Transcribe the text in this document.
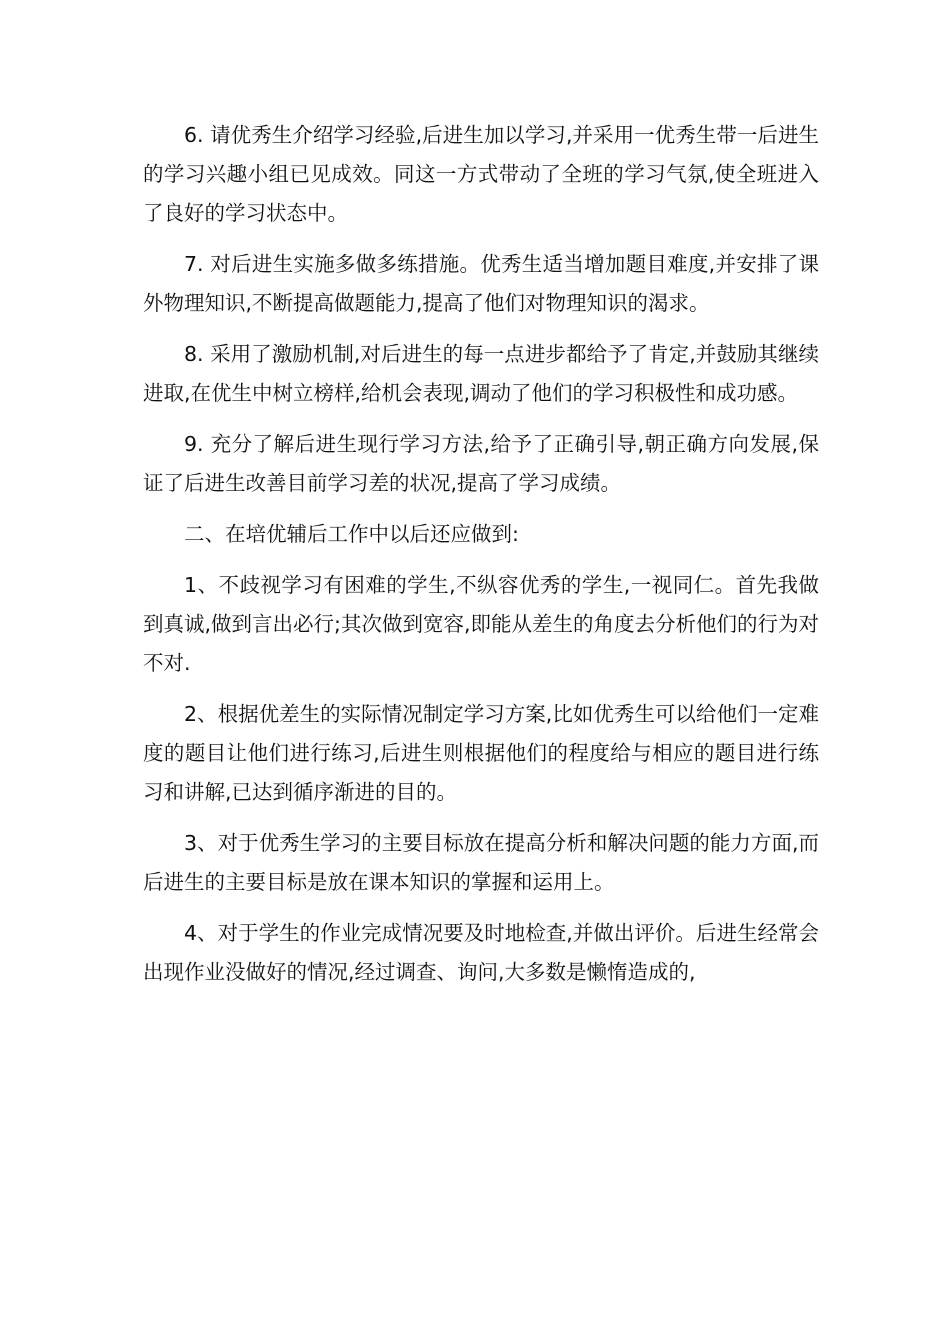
6. 请优秀生介绍学习经验,后进生加以学习,并采用一优秀生带一后进生的学习兴趣小组已见成效。同这一方式带动了全班的学习气氛,使全班进入了良好的学习状态中。

7. 对后进生实施多做多练措施。优秀生适当增加题目难度,并安排了课外物理知识,不断提高做题能力,提高了他们对物理知识的渴求。

8. 采用了激励机制,对后进生的每一点进步都给予了肯定,并鼓励其继续进取,在优生中树立榜样,给机会表现,调动了他们的学习积极性和成功感。

9. 充分了解后进生现行学习方法,给予了正确引导,朝正确方向发展,保证了后进生改善目前学习差的状况,提高了学习成绩。

二、在培优辅后工作中以后还应做到:

1、不歧视学习有困难的学生,不纵容优秀的学生,一视同仁。首先我做到真诚,做到言出必行;其次做到宽容,即能从差生的角度去分析他们的行为对不对.

2、根据优差生的实际情况制定学习方案,比如优秀生可以给他们一定难度的题目让他们进行练习,后进生则根据他们的程度给与相应的题目进行练习和讲解,已达到循序渐进的目的。

3、对于优秀生学习的主要目标放在提高分析和解决问题的能力方面,而后进生的主要目标是放在课本知识的掌握和运用上。

4、对于学生的作业完成情况要及时地检查,并做出评价。后进生经常会出现作业没做好的情况,经过调查、询问,大多数是懒惰造成的,
